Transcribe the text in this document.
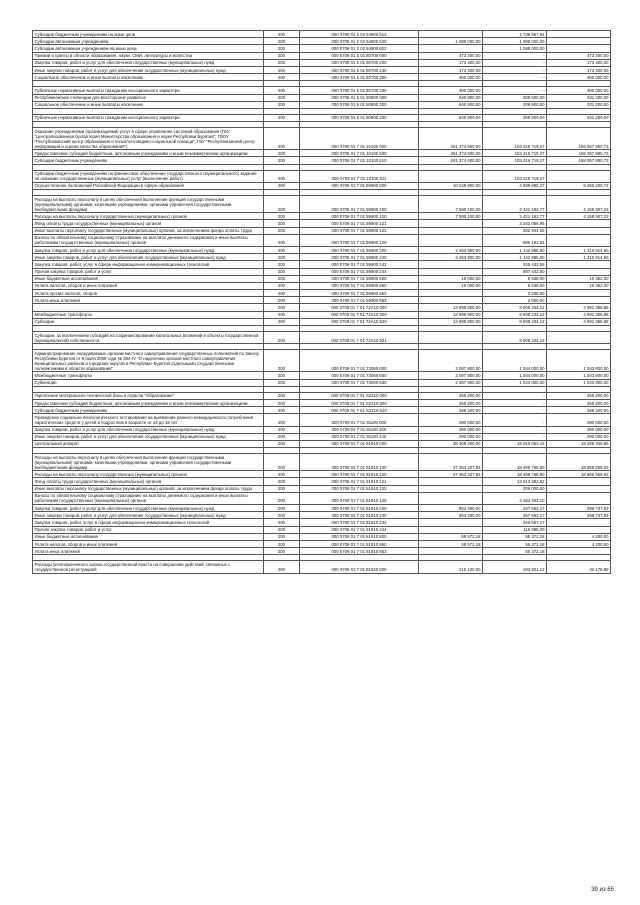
Субсидии бюджетным учреждениям на иные цели	200	000 0709 01 2 02 54900 612		1 738 657,84	
Субсидии автономным учреждениям	200	000 0709 01 2 02 54900 620	1 088 000,00	1 088 000,00	
Субсидии автономным учреждениям на иные цели	200	000 0709 01 2 02 54900 622		1 088 000,00	
Премии и гранты в области образования, науки, СМИ, литературы и искусства	200	000 0709 01 5 01 80700 000	473 400,00	-	473 400,00
Закупка товаров, работ и услуг для обеспечения государственных (муниципальных) нужд	200	000 0709 01 5 01 80700 200	173 400,00	-	173 400,00
Иные закупки товаров, работ и услуг для обеспечения государственных (муниципальных) нужд	200	000 0709 01 5 01 80700 240	173 400,00	-	173 400,00
Социальное обеспечение и иные выплаты населению	200	000 0709 01 5 01 80700 300	300 000,00	-	300 000,00

Публичные нормативные выплаты гражданам несоциального характера	200	000 0709 01 5 01 80700 330	300 000,00	-	300 000,00
Республиканские стипендии для всесторонне развитых	200	000 0709 01 5 01 80800 000	640 800,00	309 600,00	331 200,00
Социальное обеспечение и иные выплаты населению	200	000 0709 01 5 01 80800 300	640 800,00	309 600,00	331 200,00

Публичные нормативные выплаты гражданам несоциального характера	200	000 0709 01 5 01 80800 330	640 800,00	309 600,00	331 200,00

Оказание учреждениями (организациями) услуг в сфере управления системой образования (ГБУ "Централизованная бухгалтерия Министерства образования и науки Республики Бурятия", ГБОУ "Республиканский центр образования и психолого-медико-социальной помощи", ГБУ "Республиканский центр информации и оценки качества образования")	200	000 0709 01 7 01 10100 000	261 374 600,00	103 316 719,27	158 057 880,73
Предоставление субсидий бюджетным, автономным учреждениям и иным некоммерческим организациям	200	000 0709 01 7 01 10100 600	261 374 600,00	103 316 719,27	158 057 880,73
Субсидии бюджетным учреждениям	200	000 0709 01 7 01 10100 610	261 374 600,00	103 316 719,27	158 057 880,73

Субсидии бюджетным учреждениям на финансовое обеспечение государственного (муниципального) задания на оказание государственных (муниципальных) услуг (выполнение работ)	200	000 0709 01 7 01 10100 611		103 316 719,27	
Осуществление полномочий Российской Федерации в сфере образования	200	000 0709 01 7 01 59900 000	10 048 900,00	4 588 688,27	5 460 200,73

Расходы на выплаты персоналу в целях обеспечения выполнения функций государственными (муниципальными) органами, казенными учреждениями, органами управления государственными внебюджетными фондами	200	000 0709 01 7 01 59900 100	7 580 100,00	3 421 192,77	4 158 907,23
Расходы на выплаты персоналу государственных (муниципальных) органов	200	000 0709 01 7 01 59900 120	7 580 100,00	3 421 192,77	4 158 907,23
Фонд оплаты труда государственных (муниципальных) органов	200	000 0709 01 7 01 59900 121		2 342 066,95	
Иные выплаты персоналу государственных (муниципальных) органов, за исключением фонда оплаты труда	200	000 0709 01 7 01 59900 122		492 944,65	
Взносы по обязательному социальному страхованию на выплаты денежного содержания и иные выплаты работникам государственных (муниципальных) органов	200	000 0709 01 7 01 59900 129		586 181,54	
Закупка товаров, работ и услуг для обеспечения государственных (муниципальных) нужд	200	000 0709 01 7 01 59900 200	2 453 800,00	1 142 885,50	1 310 914,50
Иные закупки товаров, работ и услуг для обеспечения государственных (муниципальных) нужд	200	000 0709 01 7 01 59900 240	2 453 800,00	1 142 885,50	1 310 914,50
Закупка товаров, работ, услуг в сфере информационно-коммуникационных технологий	200	000 0709 01 7 01 59900 242		245 443,55	
Прочая закупка товаров, работ и услуг	200	000 0709 01 7 01 59900 244		897 442,00	
Иные бюджетные ассигнования	200	000 0709 01 7 01 59900 800	15 000,00	5 638,00	10 362,00
Уплата налогов, сборов и иных платежей	200	000 0709 01 7 01 59900 850	15 000,00	5 638,00	10 362,00
Уплата прочих налогов, сборов	200	000 0709 01 7 01 59900 852		3 638,00	
Уплата иных платежей	200	000 0709 01 7 01 59900 853		2 000,00	
	200	000 0709 01 7 01 72А10 000	13 899 800,00	8 908 434,12	4 991 365,88
Межбюджетные трансферты	200	000 0709 01 7 01 72А10 500	13 899 800,00	8 908 434,12	4 991 365,88
Субсидии	200	000 0709 01 7 01 72А10 520	13 899 800,00	8 908 434,12	4 991 365,88

Субсидии, за исключением субсидий на софинансирование капитальных вложений в объекты государственной (муниципальной) собственности	200	000 0709 01 7 01 72А10 521		8 908 434,12	

Администрирование передаваемых органам местного самоуправления государственных полномочий по Закону Республики Бурятия от 8 июля 2008 года № 394-IV "О наделении органов местного самоуправления муниципальных районов и городских округов в Республике Бурятия отдельными государственными полномочиями в области образования"	200	000 0709 01 7 01 73060 000	2 087 800,00	1 044 000,00	1 043 800,00
Межбюджетные трансферты	200	000 0709 01 7 01 73060 500	2 087 800,00	1 044 000,00	1 043 800,00
Субвенции	200	000 0709 01 7 01 73060 530	2 087 800,00	1 044 000,00	1 043 800,00

Укрепление материально-технической базы в отрасли "Образование"	200	000 0709 01 7 01 S2310 000	455 200,00	-	455 200,00
Предоставление субсидий бюджетным, автономным учреждениям и иным некоммерческим организациям	200	000 0709 01 7 01 S2310 600	455 200,00	-	455 200,00
Субсидии бюджетным учреждениям	200	000 0709 01 7 01 S2310 610	455 200,00	-	455 200,00
Проведение социально-психологического тестирования на выявление раннего немедицинского потребления наркотических средств у детей и подростков в возрасте от 13 до 18 лет	200	000 0709 01 7 01 81100 000	390 000,00	-	390 000,00
Закупка товаров, работ и услуг для обеспечения государственных (муниципальных) нужд	200	000 0709 01 7 01 81100 200	390 000,00	-	390 000,00
Иные закупки товаров, работ и услуг для обеспечения государственных (муниципальных) нужд	200	000 0709 01 7 01 81100 240	390 000,00	-	390 000,00
Центральный аппарат	200	000 0709 01 7 01 81910 000	38 309 400,00	19 010 053,15	19 299 346,85

Расходы на выплаты персоналу в целях обеспечения выполнения функций государственными (муниципальными) органами, казенными учреждениями, органами управления государственными внебюджетными фондами	200	000 0709 01 7 01 81910 100	37 353 327,82	18 496 768,80	18 856 559,02
Расходы на выплаты персоналу государственных (муниципальных) органов	200	000 0709 01 7 01 81910 120	37 353 327,82	18 496 768,80	18 856 559,02
Фонд оплаты труда государственных (муниципальных) органов	200	000 0709 01 7 01 81910 121		13 613 382,82	
Иные выплаты персоналу государственных (муниципальных) органов, за исключением фонда оплаты труда	200	000 0709 01 7 01 81910 122		309 000,00	
Взносы по обязательному социальному страхованию на выплаты денежного содержания и иные выплаты работникам государственных (муниципальных) органов	200	000 0709 01 7 01 81910 129		4 164 402,10	
Закупка товаров, работ и услуг для обеспечения государственных (муниципальных) нужд	200	000 0709 01 7 01 81910 200	854 400,00	457 662,17	396 737,83
Иные закупки товаров, работ и услуг для обеспечения государственных (муниципальных) нужд	200	000 0709 01 7 01 81910 240	854 400,00	457 662,17	396 737,83
Закупка товаров, работ, услуг в сфере информационно-коммуникационных технологий	200	000 0709 01 7 01 81910 242		340 667,17	
Прочая закупка товаров, работ и услуг	200	000 0709 01 7 01 81910 244		116 995,00	
Иные бюджетные ассигнования	200	000 0709 01 7 01 81910 800	59 572,18	55 372,18	4 200,00
Уплата налогов, сборов и иных платежей	200	000 0709 01 7 01 81910 850	59 572,18	55 372,18	4 200,00
Уплата иных платежей	200	000 0709 01 7 01 81910 853		55 372,18	

Расходы уполномоченного органа государственной власти на совершение действий, связанных с государственной регистрацией	200	000 0709 01 7 01 81920 000	216 100,00	183 921,12	32 178,88
39 из 65
